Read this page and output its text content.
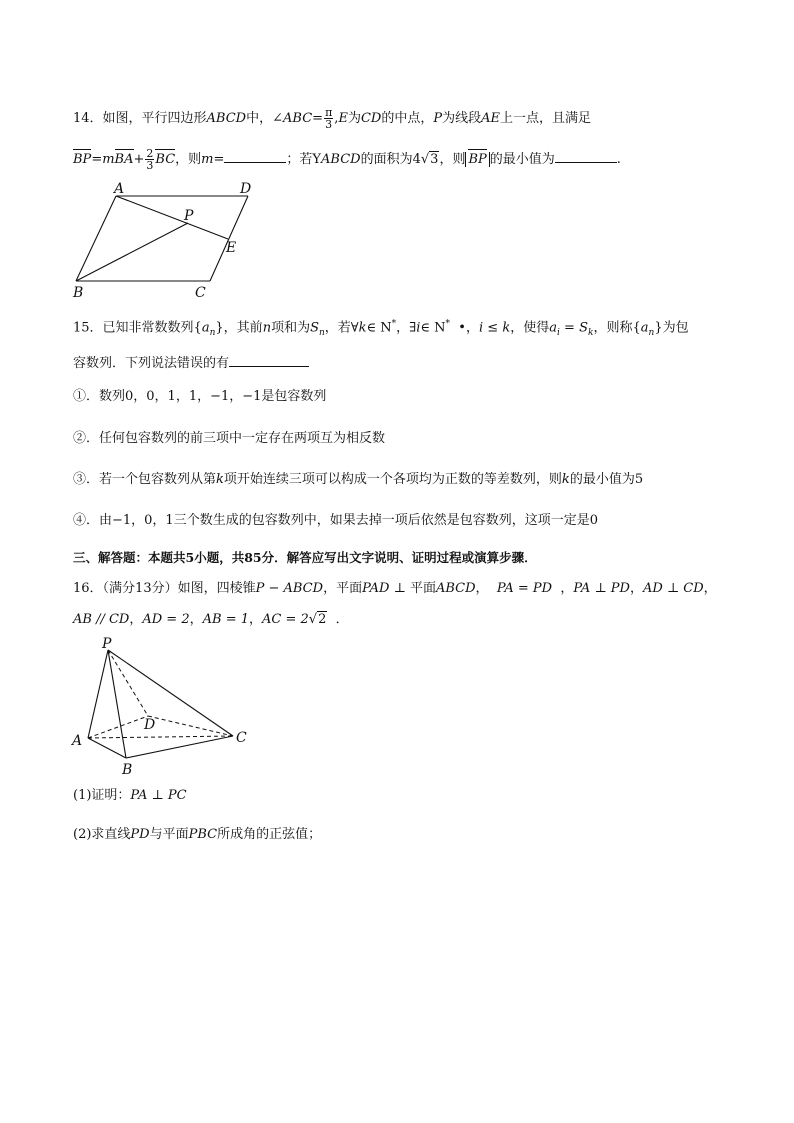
14．如图，平行四边形ABCD中，∠ABC= $\frac{\pi}{3} ,E$为CD的中点，P为线段AE上一点，且满足
$BP=mBA+ \frac{2}{3}$ BC，则m=	；若YABCD的面积为4√3，则 BP 的最小值为	.
A	D
P
E
B	C
15．已知非常数数列$\{a_n\}$，其前n项和为$S_n$，若∀k∈ N*，∃i∈ N*  •，i ≤ k，使得$a_i = S_k$，则称$\{a_n\}$为包
容数列．下列说法错误的有
①．数列0，0，1，1，−1，−1是包容数列
②．任何包容数列的前三项中一定存在两项互为相反数
③．若一个包容数列从第k项开始连续三项可以构成一个各项均为正数的等差数列，则k的最小值为5
④．由−1，0，1三个数生成的包容数列中，如果去掉一项后依然是包容数列，这项一定是0
三、解答题：本题共5小题，共85分．解答应写出文字说明、证明过程或演算步骤．
16．（满分13分）如图，四棱锥P − ABCD，平面PAD ⊥ 平面ABCD， PA = PD ，PA ⊥ PD，AD ⊥ CD，
AB // CD，AD = 2，AB = 1，AC = 2√2 ．
P
D
A	C
B
(1)证明：PA ⊥ PC
(2)求直线PD与平面PBC所成角的正弦值；
